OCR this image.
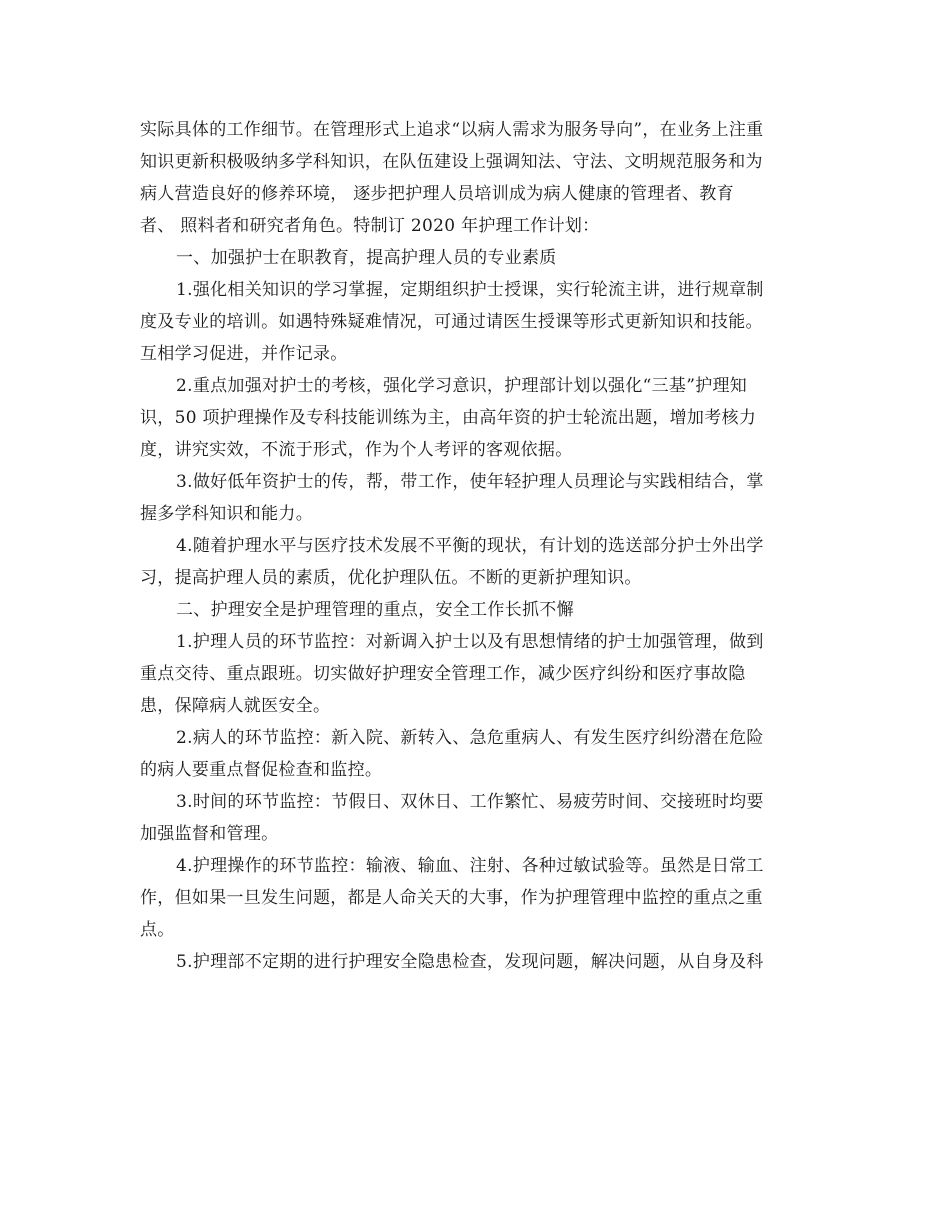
实际具体的工作细节。在管理形式上追求“以病人需求为服务导向”，在业务上注重
知识更新积极吸纳多学科知识，在队伍建设上强调知法、守法、文明规范服务和为
病人营造良好的修养环境， 逐步把护理人员培训成为病人健康的管理者、教育
者、 照料者和研究者角色。特制订 2020 年护理工作计划：
一、加强护士在职教育，提高护理人员的专业素质
1.强化相关知识的学习掌握，定期组织护士授课，实行轮流主讲，进行规章制
度及专业的培训。如遇特殊疑难情况，可通过请医生授课等形式更新知识和技能。
互相学习促进，并作记录。
2.重点加强对护士的考核，强化学习意识，护理部计划以强化“三基”护理知
识，50 项护理操作及专科技能训练为主，由高年资的护士轮流出题，增加考核力
度，讲究实效，不流于形式，作为个人考评的客观依据。
3.做好低年资护士的传，帮，带工作，使年轻护理人员理论与实践相结合，掌
握多学科知识和能力。
4.随着护理水平与医疗技术发展不平衡的现状，有计划的选送部分护士外出学
习，提高护理人员的素质，优化护理队伍。不断的更新护理知识。
二、护理安全是护理管理的重点，安全工作长抓不懈
1.护理人员的环节监控：对新调入护士以及有思想情绪的护士加强管理，做到
重点交待、重点跟班。切实做好护理安全管理工作，减少医疗纠纷和医疗事故隐
患，保障病人就医安全。
2.病人的环节监控：新入院、新转入、急危重病人、有发生医疗纠纷潜在危险
的病人要重点督促检查和监控。
3.时间的环节监控：节假日、双休日、工作繁忙、易疲劳时间、交接班时均要
加强监督和管理。
4.护理操作的环节监控：输液、输血、注射、各种过敏试验等。虽然是日常工
作，但如果一旦发生问题，都是人命关天的大事，作为护理管理中监控的重点之重
点。
5.护理部不定期的进行护理安全隐患检查，发现问题，解决问题，从自身及科
